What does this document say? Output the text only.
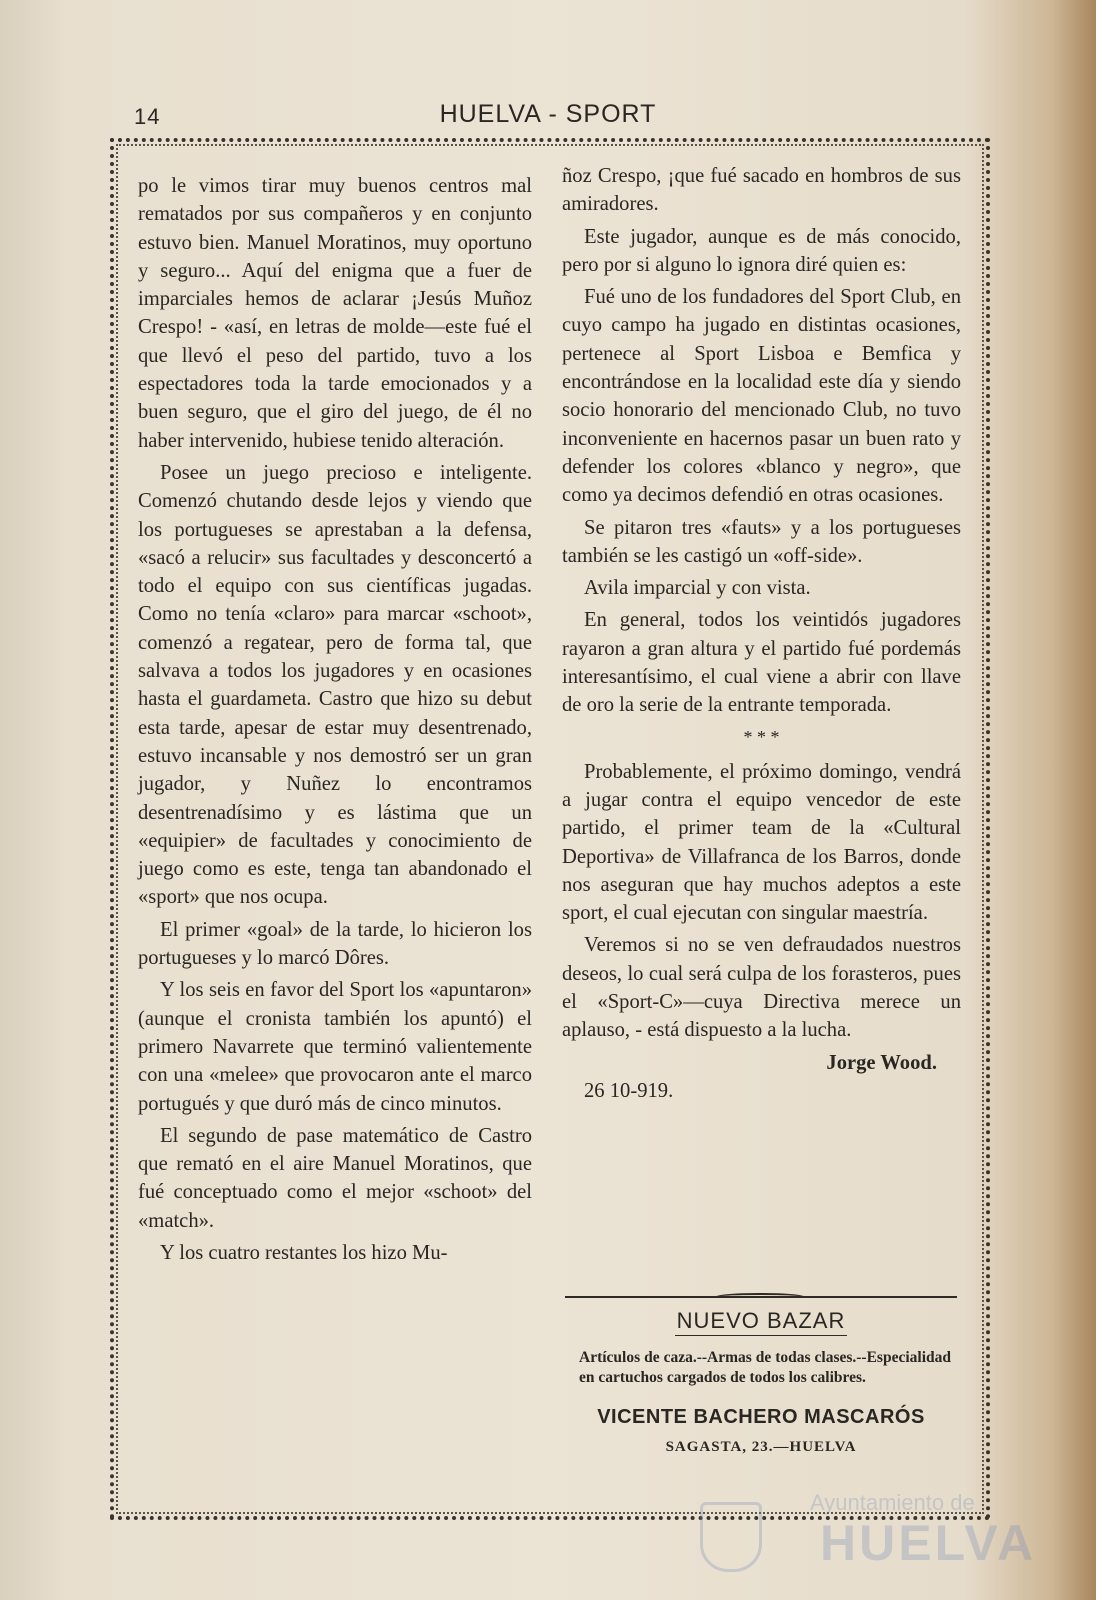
14	HUELVA - SPORT

po le vimos tirar muy buenos centros mal rematados por sus compañeros y en conjunto estuvo bien. Manuel Moratinos, muy oportuno y seguro... Aquí del enigma que a fuer de imparciales hemos de aclarar ¡Jesús Muñoz Crespo! - «así, en letras de molde—este fué el que llevó el peso del partido, tuvo a los espectadores toda la tarde emocionados y a buen seguro, que el giro del juego, de él no haber intervenido, hubiese tenido alteración.

Posee un juego precioso e inteligente. Comenzó chutando desde lejos y viendo que los portugueses se aprestaban a la defensa, «sacó a relucir» sus facultades y desconcertó a todo el equipo con sus científicas jugadas. Como no tenía «claro» para marcar «schoot», comenzó a regatear, pero de forma tal, que salvava a todos los jugadores y en ocasiones hasta el guardameta. Castro que hizo su debut esta tarde, apesar de estar muy desentrenado, estuvo incansable y nos demostró ser un gran jugador, y Nuñez lo encontramos desentrenadísimo y es lástima que un «equipier» de facultades y conocimiento de juego como es este, tenga tan abandonado el «sport» que nos ocupa.

El primer «goal» de la tarde, lo hicieron los portugueses y lo marcó Dôres.

Y los seis en favor del Sport los «apuntaron» (aunque el cronista también los apuntó) el primero Navarrete que terminó valientemente con una «melee» que provocaron ante el marco portugués y que duró más de cinco minutos.

El segundo de pase matemático de Castro que remató en el aire Manuel Moratinos, que fué conceptuado como el mejor «schoot» del «match».

Y los cuatro restantes los hizo Mu-

ñoz Crespo, ¡que fué sacado en hombros de sus amiradores.

Este jugador, aunque es de más conocido, pero por si alguno lo ignora diré quien es:

Fué uno de los fundadores del Sport Club, en cuyo campo ha jugado en distintas ocasiones, pertenece al Sport Lisboa e Bemfica y encontrándose en la localidad este día y siendo socio honorario del mencionado Club, no tuvo inconveniente en hacernos pasar un buen rato y defender los colores «blanco y negro», que como ya decimos defendió en otras ocasiones.

Se pitaron tres «fauts» y a los portugueses también se les castigó un «off-side».

Avila imparcial y con vista.

En general, todos los veintidós jugadores rayaron a gran altura y el partido fué pordemás interesantísimo, el cual viene a abrir con llave de oro la serie de la entrante temporada.

* * *

Probablemente, el próximo domingo, vendrá a jugar contra el equipo vencedor de este partido, el primer team de la «Cultural Deportiva» de Villafranca de los Barros, donde nos aseguran que hay muchos adeptos a este sport, el cual ejecutan con singular maestría.

Veremos si no se ven defraudados nuestros deseos, lo cual será culpa de los forasteros, pues el «Sport-C»—cuya Directiva merece un aplauso, - está dispuesto a la lucha.

Jorge Wood.

26 10-919.

NUEVO BAZAR
Artículos de caza.--Armas de todas clases.--Especialidad en cartuchos cargados de todos los calibres.
VICENTE BACHERO MASCARÓS
SAGASTA, 23.—HUELVA
Ayuntamiento de
HUELVA
